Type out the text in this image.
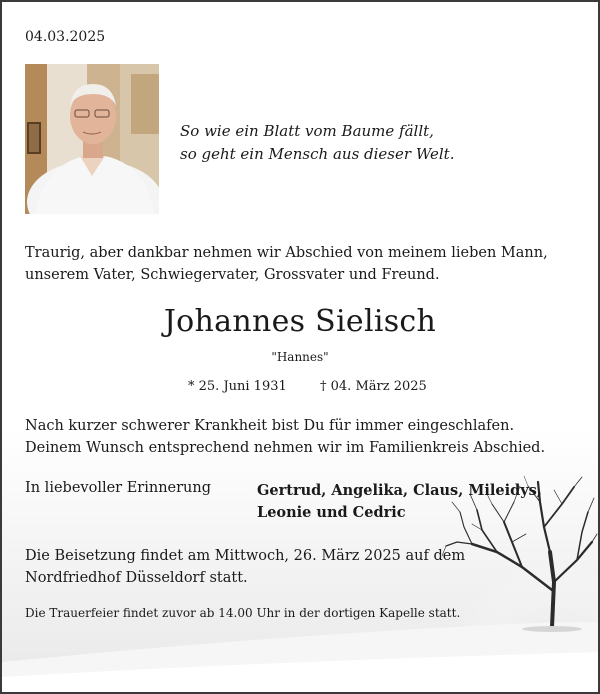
04.03.2025
So wie ein Blatt vom Baume fällt,
so geht ein Mensch aus dieser Welt.
Traurig, aber dankbar nehmen wir Abschied von meinem lieben Mann, unserem Vater, Schwiegervater, Grossvater und Freund.
Johannes Sielisch
"Hannes"
* 25. Juni 1931	† 04. März 2025
Nach kurzer schwerer Krankheit bist Du für immer eingeschlafen. Deinem Wunsch entsprechend nehmen wir im Familienkreis Abschied.
In liebevoller Erinnerung	Gertrud, Angelika, Claus, Mileidys, Leonie und Cedric
Die Beisetzung findet am Mittwoch, 26. März 2025 auf dem Nordfriedhof Düsseldorf statt.
Die Trauerfeier findet zuvor ab 14.00 Uhr in der dortigen Kapelle statt.
